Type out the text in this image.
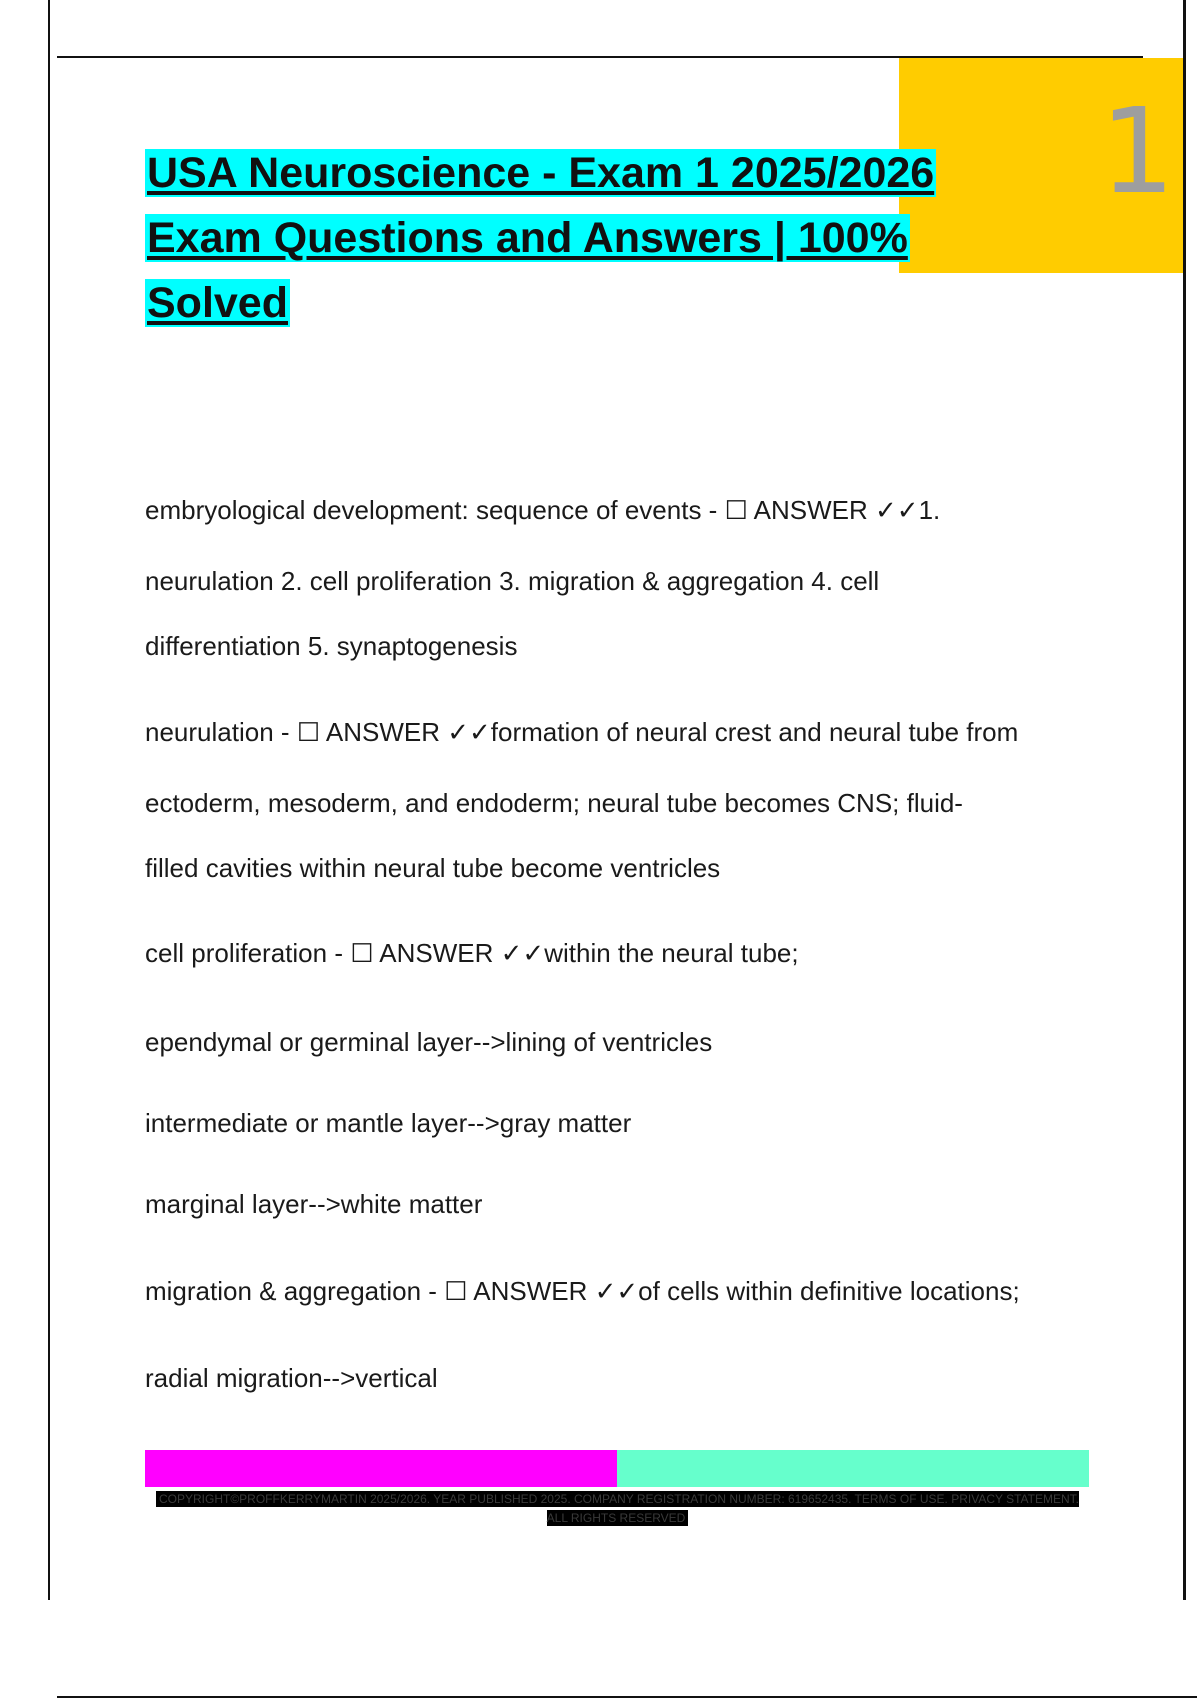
1
USA Neuroscience - Exam 1 2025/2026 Exam Questions and Answers | 100% Solved

embryological development: sequence of events - ☐ ANSWER ✓✓1.

neurulation 2. cell proliferation 3. migration & aggregation 4. cell

differentiation 5. synaptogenesis

neurulation - ☐ ANSWER ✓✓formation of neural crest and neural tube from

ectoderm, mesoderm, and endoderm; neural tube becomes CNS; fluid-

filled cavities within neural tube become ventricles

cell proliferation - ☐ ANSWER ✓✓within the neural tube;

ependymal or germinal layer-->lining of ventricles

intermediate or mantle layer-->gray matter

marginal layer-->white matter

migration & aggregation - ☐ ANSWER ✓✓of cells within definitive locations;

radial migration-->vertical

COPYRIGHT©PROFFKERRYMARTIN 2025/2026. YEAR PUBLISHED 2025. COMPANY REGISTRATION NUMBER: 619652435. TERMS OF USE. PRIVACY STATEMENT. ALL RIGHTS RESERVED
